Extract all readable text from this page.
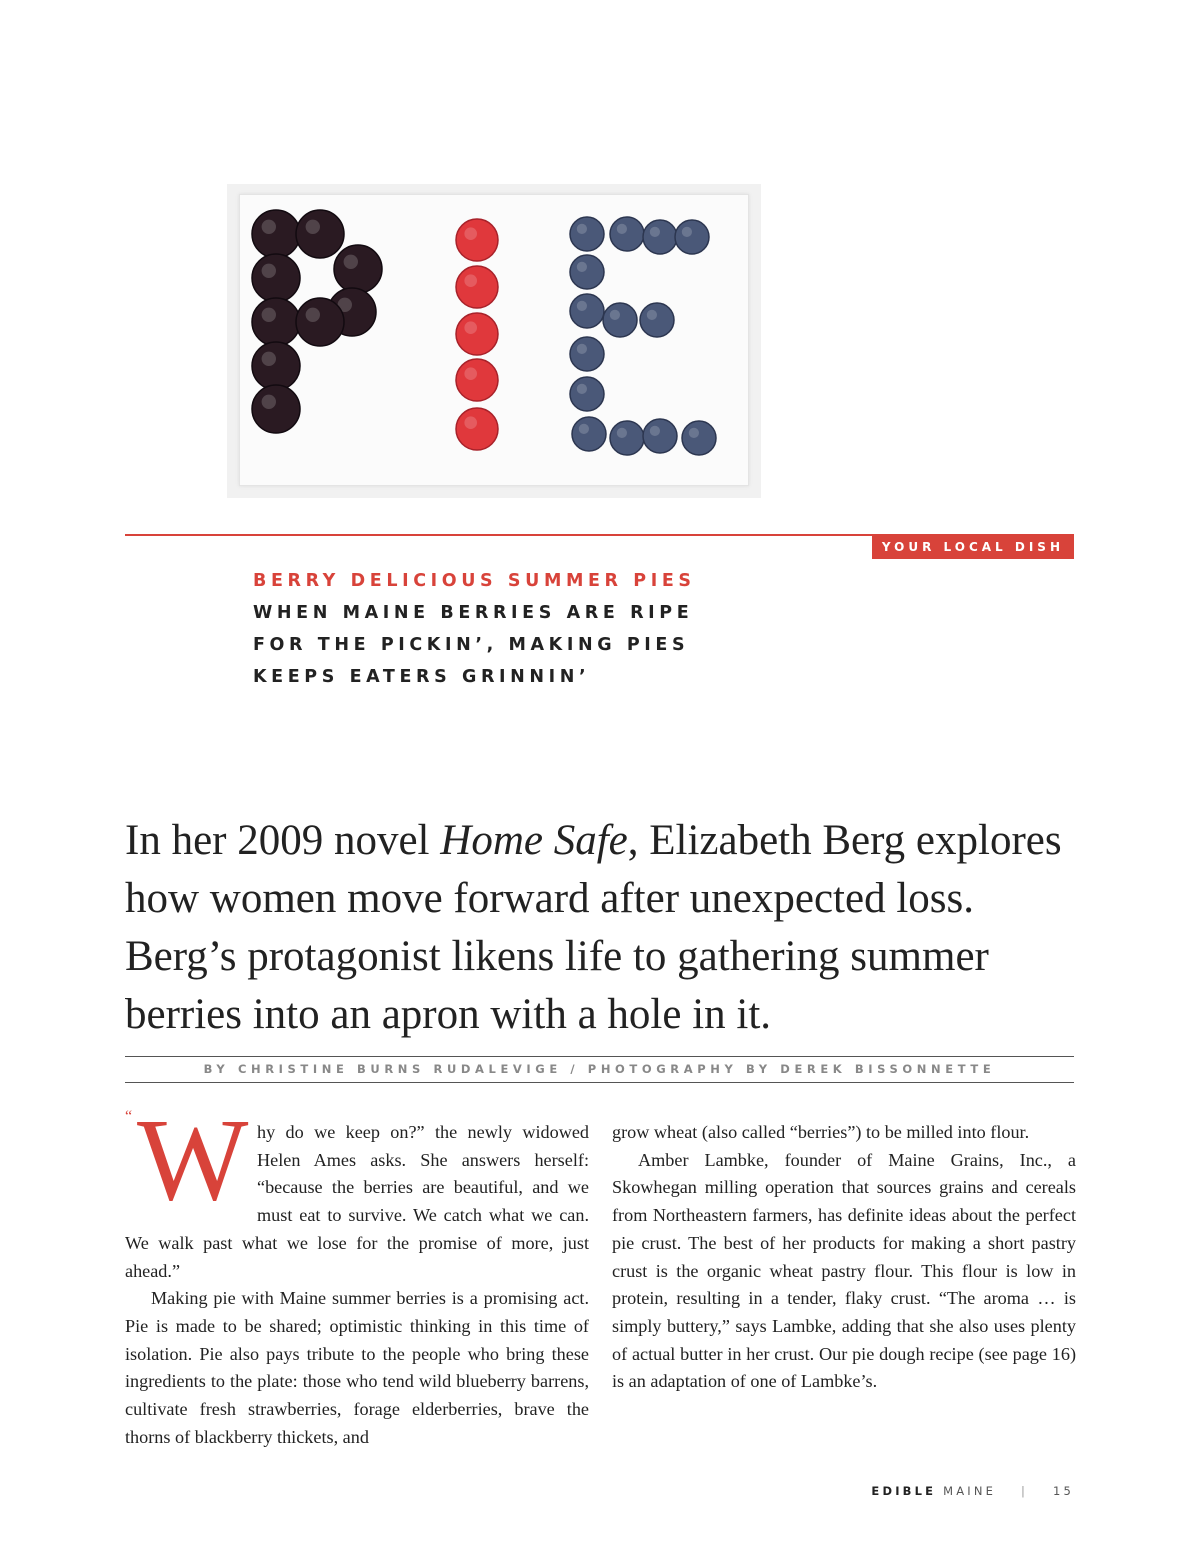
YOUR LOCAL DISH
BERRY DELICIOUS SUMMER PIES
WHEN MAINE BERRIES ARE RIPE
FOR THE PICKIN’, MAKING PIES
KEEPS EATERS GRINNIN’

In her 2009 novel Home Safe, Elizabeth Berg explores how women move forward after unexpected loss. Berg’s protagonist likens life to gathering summer berries into an apron with a hole in it.

BY CHRISTINE BURNS RUDALEVIGE / PHOTOGRAPHY BY DEREK BISSONNETTE

“ W hy do we keep on?” the newly widowed Helen Ames asks. She answers herself: “because the berries are beautiful, and we must eat to survive. We catch what we can. We walk past what we lose for the promise of more, just ahead.”

Making pie with Maine summer berries is a promising act. Pie is made to be shared; optimistic thinking in this time of isolation. Pie also pays tribute to the people who bring these ingredients to the plate: those who tend wild blueberry barrens, cultivate fresh strawberries, forage elderberries, brave the thorns of blackberry thickets, and

grow wheat (also called “berries”) to be milled into flour.

Amber Lambke, founder of Maine Grains, Inc., a Skowhegan milling operation that sources grains and cereals from Northeastern farmers, has definite ideas about the perfect pie crust. The best of her products for making a short pastry crust is the organic wheat pastry flour. This flour is low in protein, resulting in a tender, flaky crust. “The aroma … is simply buttery,” says Lambke, adding that she also uses plenty of actual butter in her crust. Our pie dough recipe (see page 16) is an adaptation of one of Lambke’s.

EDIBLE MAINE | 15
